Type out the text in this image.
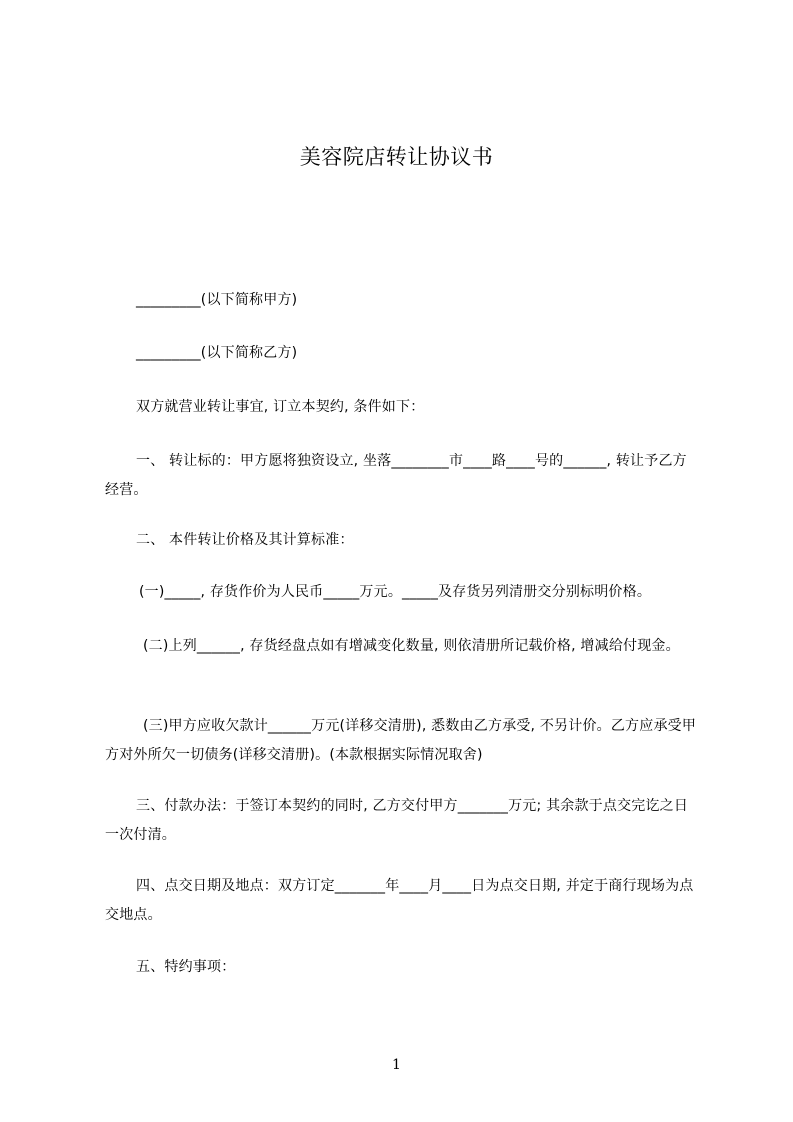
美容院店转让协议书
_________(以下简称甲方)
_________(以下简称乙方)
双方就营业转让事宜, 订立本契约, 条件如下：
一、 转让标的：甲方愿将独资设立, 坐落________市____路____号的______, 转让予乙方经营。
二、 本件转让价格及其计算标准：
(一)_____, 存货作价为人民币_____万元。_____及存货另列清册交分别标明价格。
(二)上列______, 存货经盘点如有增减变化数量, 则依清册所记载价格, 增减给付现金。
(三)甲方应收欠款计______万元(详移交清册), 悉数由乙方承受, 不另计价。乙方应承受甲方对外所欠一切债务(详移交清册)。(本款根据实际情况取舍)
三、付款办法：于签订本契约的同时, 乙方交付甲方_______万元; 其余款于点交完讫之日一次付清。
四、点交日期及地点：双方订定_______年____月____日为点交日期, 并定于商行现场为点交地点。
五、特约事项：
1
